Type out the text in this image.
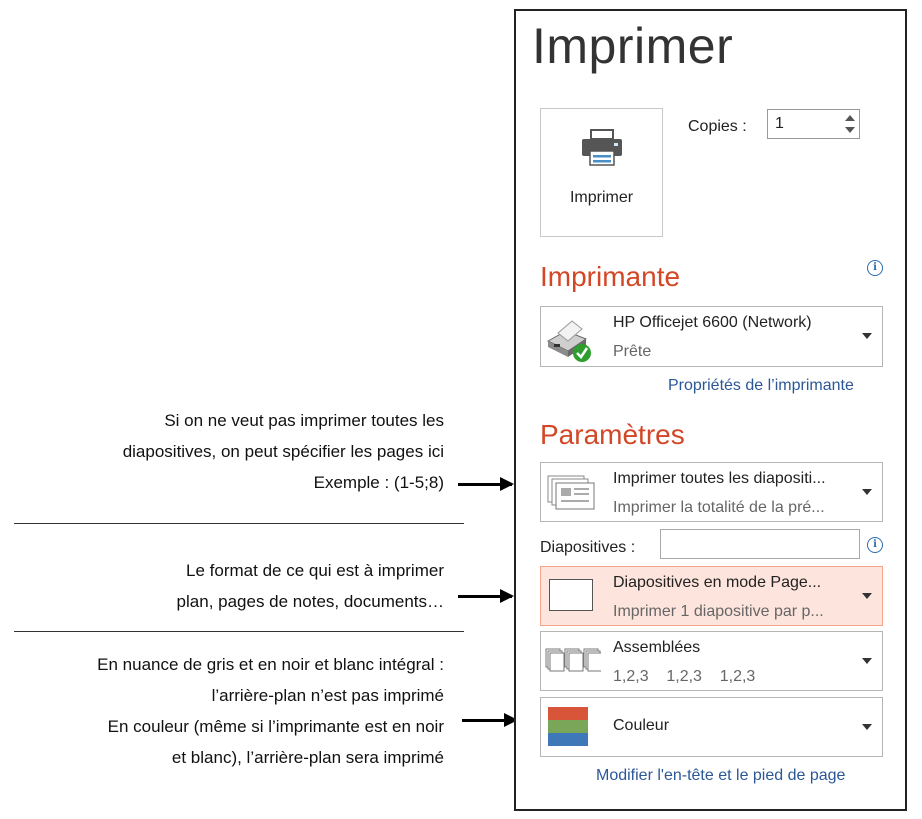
Si on ne veut pas imprimer toutes les
diapositives, on peut spécifier les pages ici
Exemple : (1-5;8)
Le format de ce qui est à imprimer
plan, pages de notes, documents…
En nuance de gris et en noir et blanc intégral :
l’arrière-plan n’est pas imprimé
En couleur (même si l’imprimante est en noir
et blanc), l’arrière-plan sera imprimé
Imprimer
Imprimer
Copies : 1
Imprimante	i
HP Officejet 6600 (Network)
Prête
Propriétés de l’imprimante
Paramètres
Imprimer toutes les diapositi...
Imprimer la totalité de la pré...
Diapositives :	i
Diapositives en mode Page...
Imprimer 1 diapositive par p...
Assemblées
1,2,3    1,2,3    1,2,3
Couleur
Modifier l'en-tête et le pied de page
